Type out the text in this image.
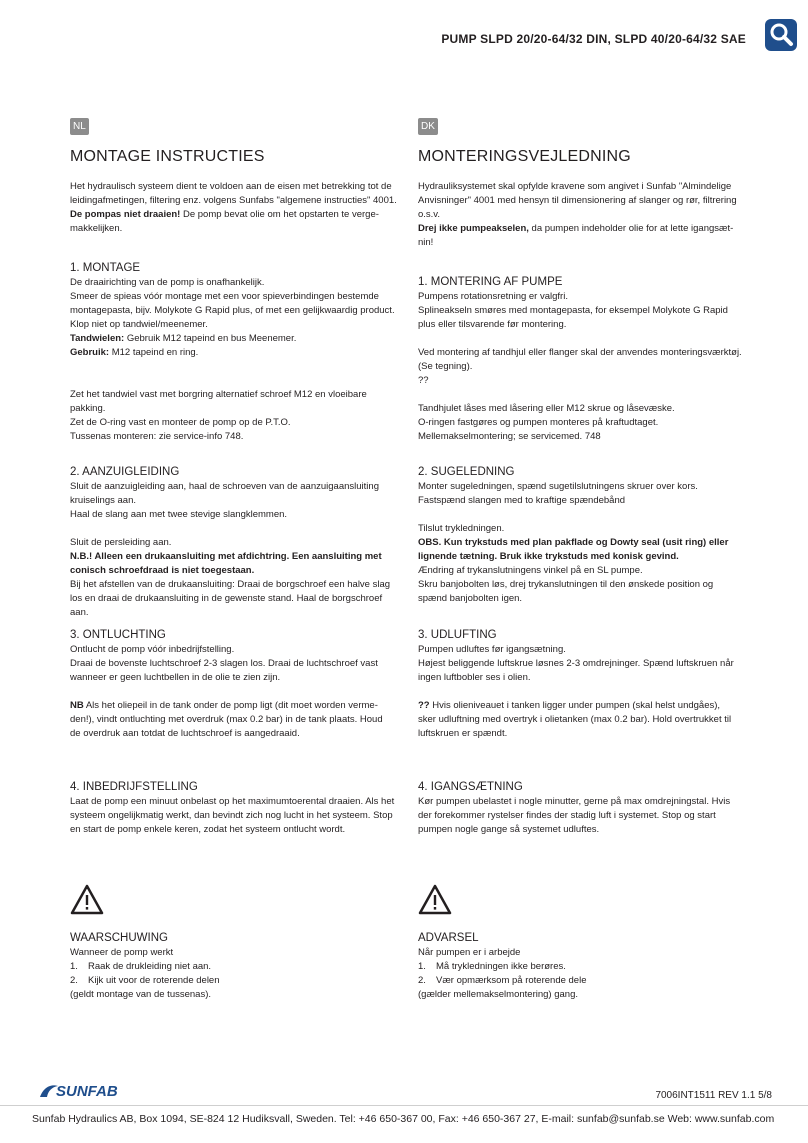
PUMP SLPD 20/20-64/32 DIN, SLPD 40/20-64/32 SAE
NL
MONTAGE INSTRUCTIES

Het hydraulisch systeem dient te voldoen aan de eisen met betrekking tot de

leidingafmetingen, filtering enz. volgens Sunfabs "algemene instructies" 4001.

De pompas niet draaien! De pomp bevat olie om het opstarten te verge-

makkelijken.

1. MONTAGE

De draairichting van de pomp is onafhankelijk.

Smeer de spieas vóór montage met een voor spieverbindingen bestemde

montagepasta, bijv. Molykote G Rapid plus, of met een gelijkwaardig product.

Klop niet op tandwiel/meenemer.

Tandwielen: Gebruik M12 tapeind en bus Meenemer.

Gebruik: M12 tapeind en ring.

Zet het tandwiel vast met borgring alternatief schroef M12 en vloeibare

pakking.

Zet de O-ring vast en monteer de pomp op de P.T.O.

Tussenas monteren: zie service-info 748.

2. AANZUIGLEIDING

Sluit de aanzuigleiding aan, haal de schroeven van de aanzuigaansluiting

kruiselings aan.

Haal de slang aan met twee stevige slangklemmen.

Sluit de persleiding aan.

N.B.! Alleen een drukaansluiting met afdichtring. Een aansluiting met

conisch schroefdraad is niet toegestaan.

Bij het afstellen van de drukaansluiting: Draai de borgschroef een halve slag

los en draai de drukaansluiting in de gewenste stand. Haal de borgschroef

aan.

3. ONTLUCHTING

Ontlucht de pomp vóór inbedrijfstelling.

Draai de bovenste luchtschroef 2-3 slagen los. Draai de luchtschroef vast

wanneer er geen luchtbellen in de olie te zien zijn.

NB Als het oliepeil in de tank onder de pomp ligt (dit moet worden verme-

den!), vindt ontluchting met overdruk (max 0.2 bar) in de tank plaats. Houd

de overdruk aan totdat de luchtschroef is aangedraaid.

4. INBEDRIJFSTELLING

Laat de pomp een minuut onbelast op het maximumtoerental draaien. Als het

systeem ongelijkmatig werkt, dan bevindt zich nog lucht in het systeem. Stop

en start de pomp enkele keren, zodat het systeem ontlucht wordt.

WAARSCHUWING

Wanneer de pomp werkt

1. Raak de drukleiding niet aan.

2. Kijk uit voor de roterende delen

(geldt montage van de tussenas).

DK
MONTERINGSVEJLEDNING

Hydrauliksystemet skal opfylde kravene som angivet i Sunfab "Almindelige

Anvisninger" 4001 med hensyn til dimensionering af slanger og rør, filtrering

o.s.v.

Drej ikke pumpeakselen, da pumpen indeholder olie for at lette igangsæt-

nin!

1. MONTERING AF PUMPE

Pumpens rotationsretning er valgfri.

Splineakseln smøres med montagepasta, for eksempel Molykote G Rapid

plus eller tilsvarende før montering.

Ved montering af tandhjul eller flanger skal der anvendes monteringsværktøj.

(Se tegning).

??

Tandhjulet låses med låsering eller M12 skrue og låsevæske.

O-ringen fastgøres og pumpen monteres på kraftudtaget.

Mellemakselmontering; se servicemed. 748

2. SUGELEDNING

Monter sugeledningen, spænd sugetilslutningens skruer over kors.

Fastspænd slangen med to kraftige spændebånd

Tilslut trykledningen.

OBS. Kun trykstuds med plan pakflade og Dowty seal (usit ring) eller

lignende tætning. Bruk ikke trykstuds med konisk gevind.

Ændring af trykanslutningens vinkel på en SL pumpe.

Skru banjobolten løs, drej trykanslutningen til den ønskede position og

spænd banjobolten igen.

3. UDLUFTING

Pumpen udluftes før igangsætning.

Højest beliggende luftskrue løsnes 2-3 omdrejninger. Spænd luftskruen når

ingen luftbobler ses i olien.

?? Hvis olieniveauet i tanken ligger under pumpen (skal helst undgåes),

sker udluftning med overtryk i olietanken (max 0.2 bar). Hold overtrukket til

luftskruen er spændt.

4. IGANGSÆTNING

Kør pumpen ubelastet i nogle minutter, gerne på max omdrejningstal. Hvis

der forekommer rystelser findes der stadig luft i systemet. Stop og start

pumpen nogle gange så systemet udluftes.

ADVARSEL

Når pumpen er i arbejde

1. Må trykledningen ikke berøres.

2. Vær opmærksom på roterende dele

(gælder mellemakselmontering) gang.

SUNFAB	7006INT1511 REV 1.1 5/8
Sunfab Hydraulics AB, Box 1094, SE-824 12 Hudiksvall, Sweden. Tel: +46 650-367 00, Fax: +46 650-367 27, E-mail: sunfab@sunfab.se Web: www.sunfab.com
